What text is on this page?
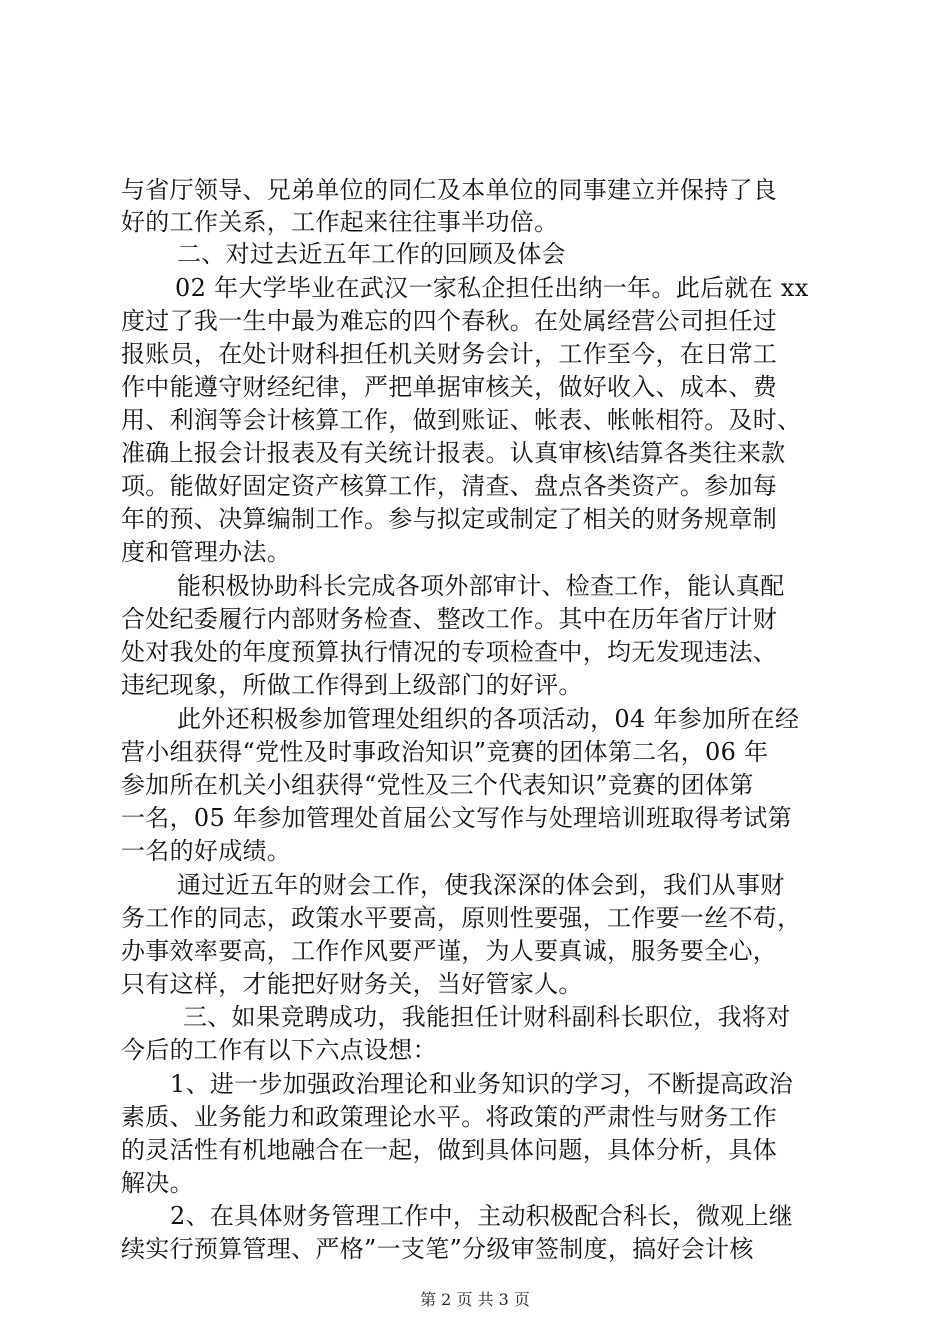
与省厅领导、兄弟单位的同仁及本单位的同事建立并保持了良
好的工作关系，工作起来往往事半功倍。
二、对过去近五年工作的回顾及体会
02 年大学毕业在武汉一家私企担任出纳一年。此后就在 xx
度过了我一生中最为难忘的四个春秋。在处属经营公司担任过
报账员，在处计财科担任机关财务会计，工作至今，在日常工
作中能遵守财经纪律，严把单据审核关，做好收入、成本、费
用、利润等会计核算工作，做到账证、帐表、帐帐相符。及时、
准确上报会计报表及有关统计报表。认真审核\结算各类往来款
项。能做好固定资产核算工作，清查、盘点各类资产。参加每
年的预、决算编制工作。参与拟定或制定了相关的财务规章制
度和管理办法。
能积极协助科长完成各项外部审计、检查工作，能认真配
合处纪委履行内部财务检查、整改工作。其中在历年省厅计财
处对我处的年度预算执行情况的专项检查中，均无发现违法、
违纪现象，所做工作得到上级部门的好评。
此外还积极参加管理处组织的各项活动，04 年参加所在经
营小组获得“党性及时事政治知识”竞赛的团体第二名，06 年
参加所在机关小组获得“党性及三个代表知识”竞赛的团体第
一名，05 年参加管理处首届公文写作与处理培训班取得考试第
一名的好成绩。
通过近五年的财会工作，使我深深的体会到，我们从事财
务工作的同志，政策水平要高，原则性要强，工作要一丝不苟，
办事效率要高，工作作风要严谨，为人要真诚，服务要全心，
只有这样，才能把好财务关，当好管家人。
三、如果竞聘成功，我能担任计财科副科长职位，我将对
今后的工作有以下六点设想：
1、进一步加强政治理论和业务知识的学习，不断提高政治
素质、业务能力和政策理论水平。将政策的严肃性与财务工作
的灵活性有机地融合在一起，做到具体问题，具体分析，具体
解决。
2、在具体财务管理工作中，主动积极配合科长，微观上继
续实行预算管理、严格”一支笔”分级审签制度，搞好会计核
第 2 页 共 3 页
